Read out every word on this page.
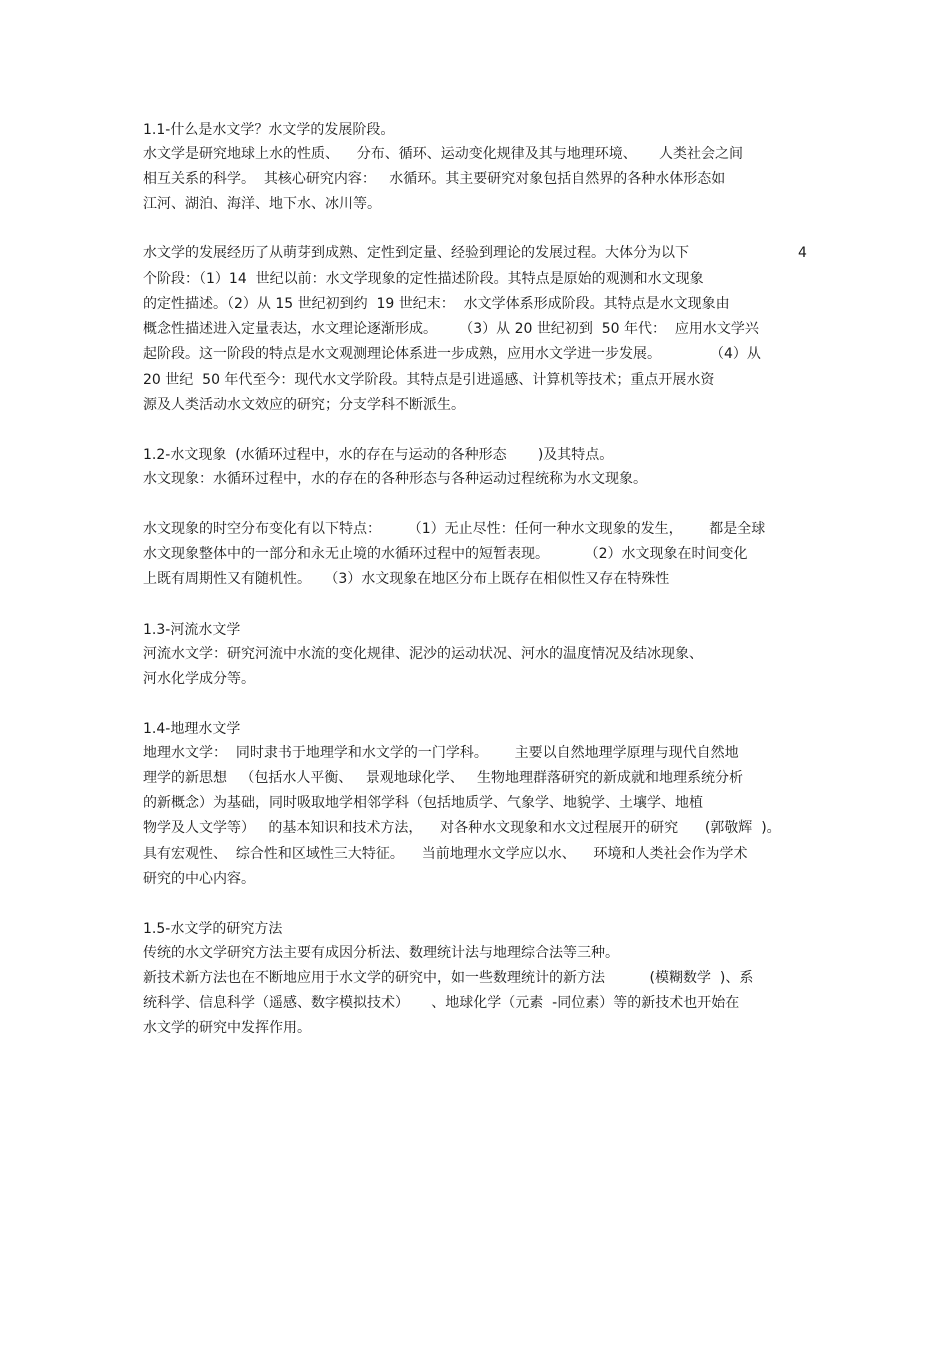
1.1-什么是水文学？水文学的发展阶段。
水文学是研究地球上水的性质、    分布、循环、运动变化规律及其与地理环境、     人类社会之间
相互关系的科学。  其核心研究内容：   水循环。其主要研究对象包括自然界的各种水体形态如
江河、湖泊、海洋、地下水、冰川等。
水文学的发展经历了从萌芽到成熟、定性到定量、经验到理论的发展过程。大体分为以下	4
个阶段：（1）14  世纪以前：水文学现象的定性描述阶段。其特点是原始的观测和水文现象
的定性描述。（2）从 15 世纪初到约  19 世纪末：  水文学体系形成阶段。其特点是水文现象由
概念性描述进入定量表达，水文理论逐渐形成。     （3）从 20 世纪初到  50 年代：  应用水文学兴
起阶段。这一阶段的特点是水文观测理论体系进一步成熟，应用水文学进一步发展。           （4）从
20 世纪  50 年代至今：现代水文学阶段。其特点是引进遥感、计算机等技术；重点开展水资
源及人类活动水文效应的研究；分支学科不断派生。
1.2-水文现象  (水循环过程中，水的存在与运动的各种形态       )及其特点。
水文现象：水循环过程中，水的存在的各种形态与各种运动过程统称为水文现象。
水文现象的时空分布变化有以下特点：      （1）无止尽性：任何一种水文现象的发生，      都是全球
水文现象整体中的一部分和永无止境的水循环过程中的短暂表现。        （2）水文现象在时间变化
上既有周期性又有随机性。   （3）水文现象在地区分布上既存在相似性又存在特殊性
1.3-河流水文学
河流水文学：研究河流中水流的变化规律、泥沙的运动状况、河水的温度情况及结冰现象、
河水化学成分等。
1.4-地理水文学
地理水文学：  同时隶书于地理学和水文学的一门学科。      主要以自然地理学原理与现代自然地
理学的新思想   （包括水人平衡、   景观地球化学、   生物地理群落研究的新成就和地理系统分析
的新概念）为基础，同时吸取地学相邻学科（包括地质学、气象学、地貌学、土壤学、地植
物学及人文学等）   的基本知识和技术方法，    对各种水文现象和水文过程展开的研究      (郭敬辉  )。
具有宏观性、  综合性和区域性三大特征。    当前地理水文学应以水、    环境和人类社会作为学术
研究的中心内容。
1.5-水文学的研究方法
传统的水文学研究方法主要有成因分析法、数理统计法与地理综合法等三种。
新技术新方法也在不断地应用于水文学的研究中，如一些数理统计的新方法          (模糊数学  )、系
统科学、信息科学（遥感、数字模拟技术）     、地球化学（元素  -同位素）等的新技术也开始在
水文学的研究中发挥作用。
